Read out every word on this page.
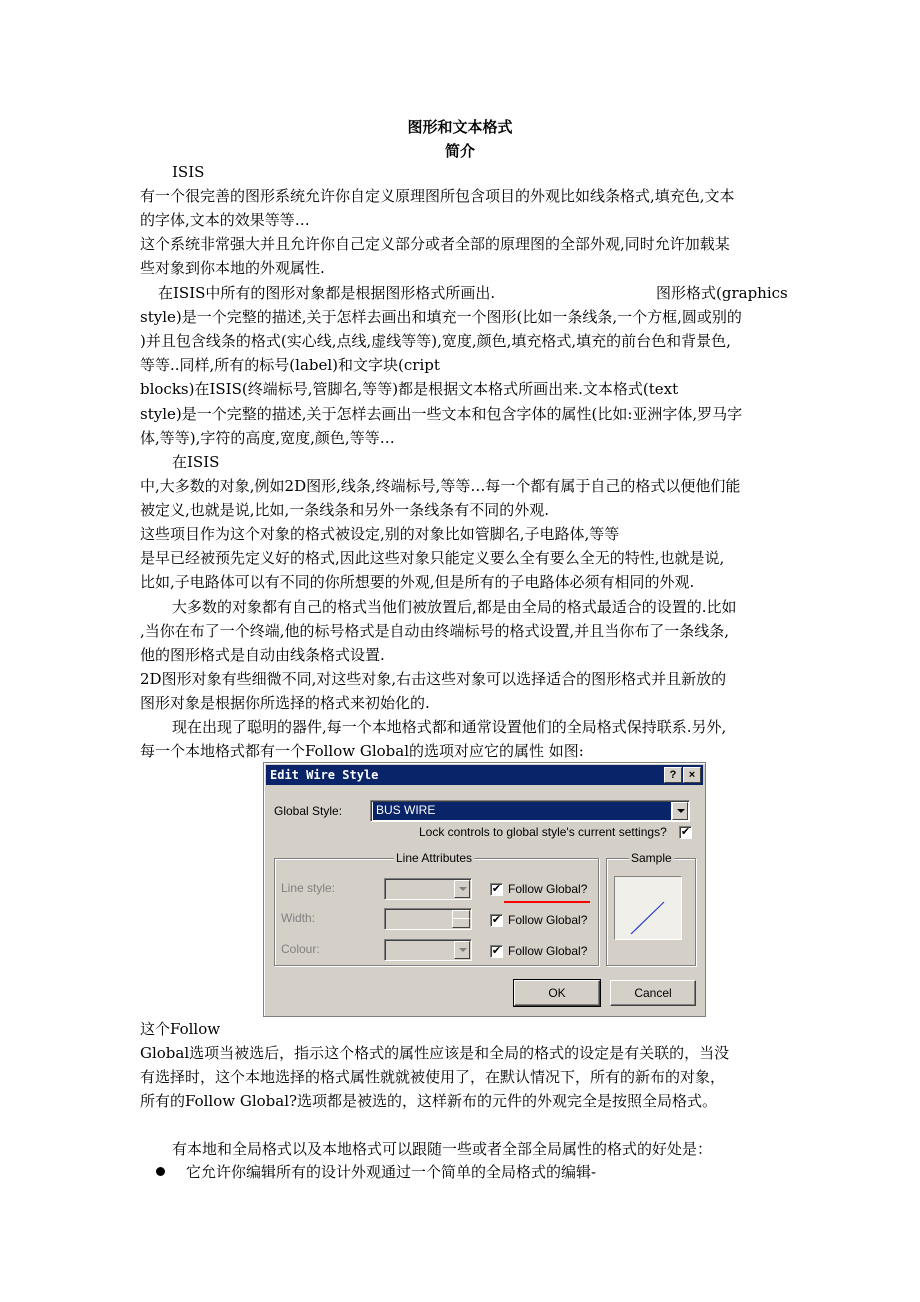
图形和文本格式
简介
ISIS
有一个很完善的图形系统允许你自定义原理图所包含项目的外观比如线条格式,填充色,文本
的字体,文本的效果等等…
这个系统非常强大并且允许你自己定义部分或者全部的原理图的全部外观,同时允许加载某
些对象到你本地的外观属性.
在ISIS中所有的图形对象都是根据图形格式所画出.	图形格式(graphics
style)是一个完整的描述,关于怎样去画出和填充一个图形(比如一条线条,一个方框,圆或别的
)并且包含线条的格式(实心线,点线,虚线等等),宽度,颜色,填充格式,填充的前台色和背景色,
等等..同样,所有的标号(label)和文字块(cript
blocks)在ISIS(终端标号,管脚名,等等)都是根据文本格式所画出来.文本格式(text
style)是一个完整的描述,关于怎样去画出一些文本和包含字体的属性(比如:亚洲字体,罗马字
体,等等),字符的高度,宽度,颜色,等等…
在ISIS
中,大多数的对象,例如2D图形,线条,终端标号,等等…每一个都有属于自己的格式以便他们能
被定义,也就是说,比如,一条线条和另外一条线条有不同的外观.
这些项目作为这个对象的格式被设定,别的对象比如管脚名,子电路体,等等
是早已经被预先定义好的格式,因此这些对象只能定义要么全有要么全无的特性,也就是说,
比如,子电路体可以有不同的你所想要的外观,但是所有的子电路体必须有相同的外观.
大多数的对象都有自己的格式当他们被放置后,都是由全局的格式最适合的设置的.比如
,当你在布了一个终端,他的标号格式是自动由终端标号的格式设置,并且当你布了一条线条,
他的图形格式是自动由线条格式设置.
2D图形对象有些细微不同,对这些对象,右击这些对象可以选择适合的图形格式并且新放的
图形对象是根据你所选择的格式来初始化的.
现在出现了聪明的器件,每一个本地格式都和通常设置他们的全局格式保持联系.另外,
每一个本地格式都有一个Follow Global的选项对应它的属性 如图:
Edit Wire Style	?	×
Global Style:	BUS WIRE
Lock controls to global style's current settings? ✔
Line Attributes	Sample
Line style:	✔ Follow Global?
Width:	✔ Follow Global?
Colour:	✔ Follow Global?
OK	Cancel
这个Follow
Global选项当被选后，指示这个格式的属性应该是和全局的格式的设定是有关联的，当没
有选择时，这个本地选择的格式属性就就被使用了，在默认情况下，所有的新布的对象，
所有的Follow Global?选项都是被选的，这样新布的元件的外观完全是按照全局格式。
有本地和全局格式以及本地格式可以跟随一些或者全部全局属性的格式的好处是：
它允许你编辑所有的设计外观通过一个简单的全局格式的编辑-
